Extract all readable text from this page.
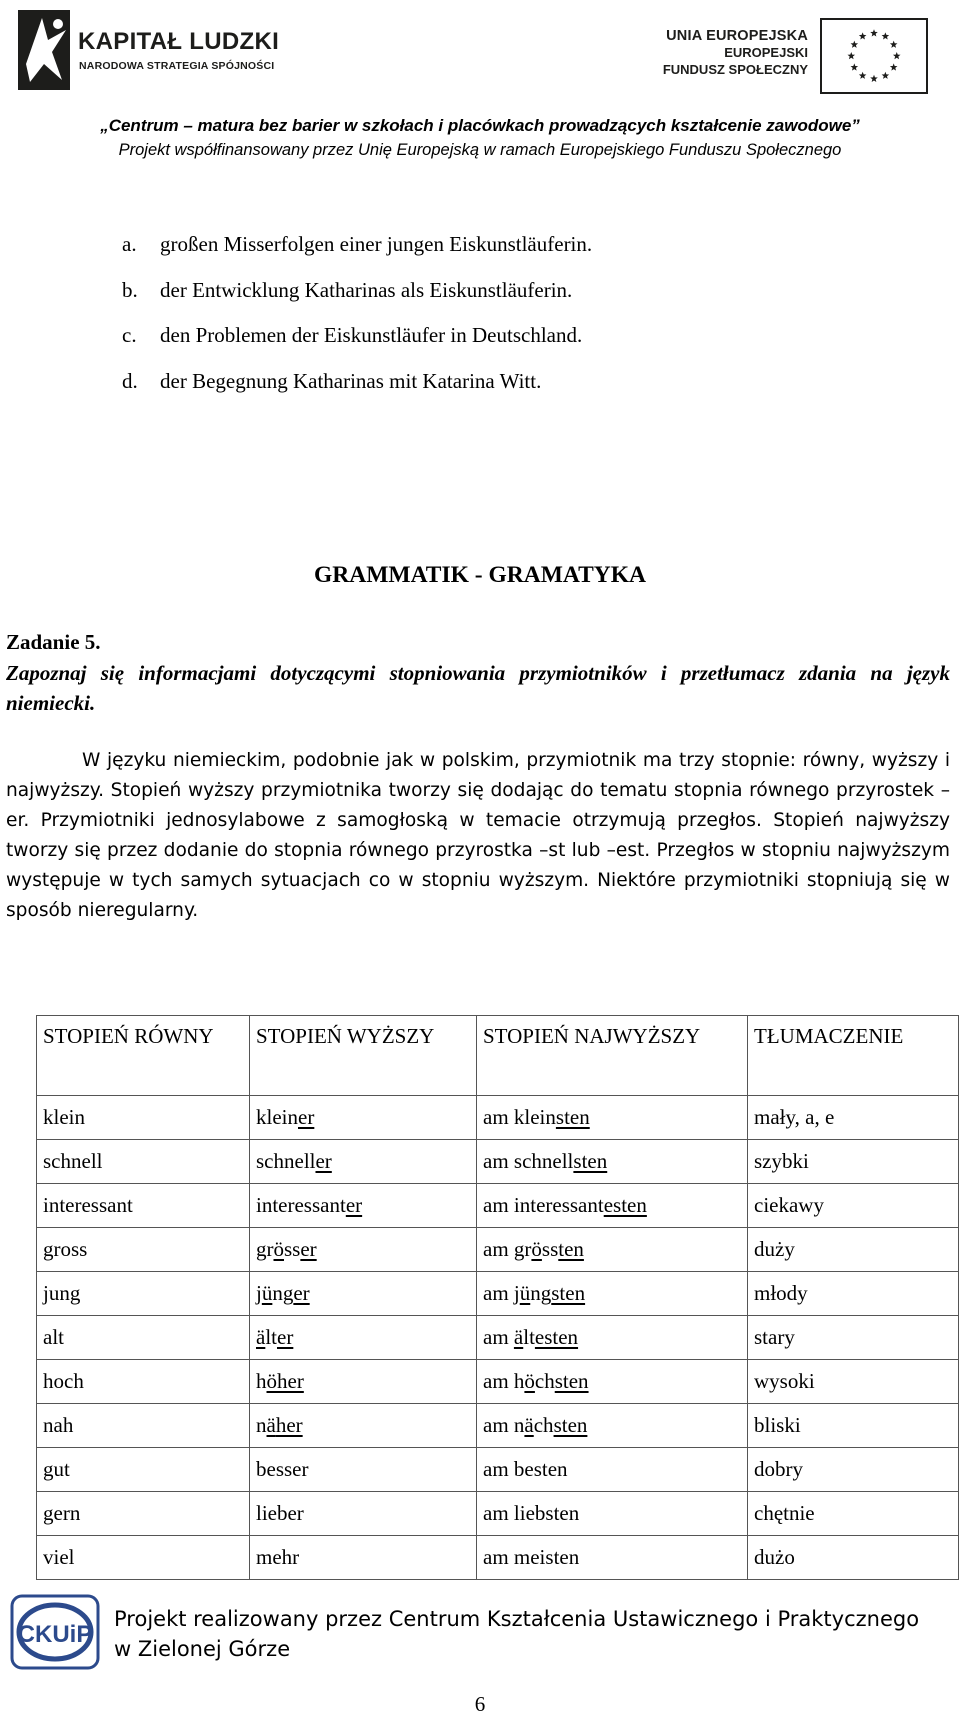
KAPITAŁ LUDZKI
NARODOWA STRATEGIA SPÓJNOŚCI
UNIA EUROPEJSKA
EUROPEJSKI
FUNDUSZ SPOŁECZNY
„Centrum – matura bez barier w szkołach i placówkach prowadzących kształcenie zawodowe”
Projekt współfinansowany przez Unię Europejską w ramach Europejskiego Funduszu Społecznego
a.	großen Misserfolgen einer jungen Eiskunstläuferin.
b.	der Entwicklung Katharinas als Eiskunstläuferin.
c.	den Problemen der Eiskunstläufer in Deutschland.
d.	der Begegnung Katharinas mit Katarina Witt.
GRAMMATIK - GRAMATYKA
Zadanie 5.
Zapoznaj się informacjami dotyczącymi stopniowania przymiotników i przetłumacz zdania na język niemiecki.
W języku niemieckim, podobnie jak w polskim, przymiotnik ma trzy stopnie: równy, wyższy i najwyższy. Stopień wyższy przymiotnika tworzy się dodając do tematu stopnia równego przyrostek –er. Przymiotniki jednosylabowe z samogłoską w temacie otrzymują przegłos. Stopień najwyższy tworzy się przez dodanie do stopnia równego przyrostka –st lub –est. Przegłos w stopniu najwyższym występuje w tych samych sytuacjach co w stopniu wyższym. Niektóre przymiotniki stopniują się w sposób nieregularny.
STOPIEŃ RÓWNY	STOPIEŃ WYŻSZY	STOPIEŃ NAJWYŻSZY	TŁUMACZENIE
klein	kleiner	am kleinsten	mały, a, e
schnell	schneller	am schnellsten	szybki
interessant	interessanter	am interessantesten	ciekawy
gross	grösser	am grössten	duży
jung	jünger	am jüngsten	młody
alt	älter	am ältesten	stary
hoch	höher	am höchsten	wysoki
nah	näher	am nächsten	bliski
gut	besser	am besten	dobry
gern	lieber	am liebsten	chętnie
viel	mehr	am meisten	dużo
CKUiP
Projekt realizowany przez Centrum Kształcenia Ustawicznego i Praktycznego
w Zielonej Górze
6
